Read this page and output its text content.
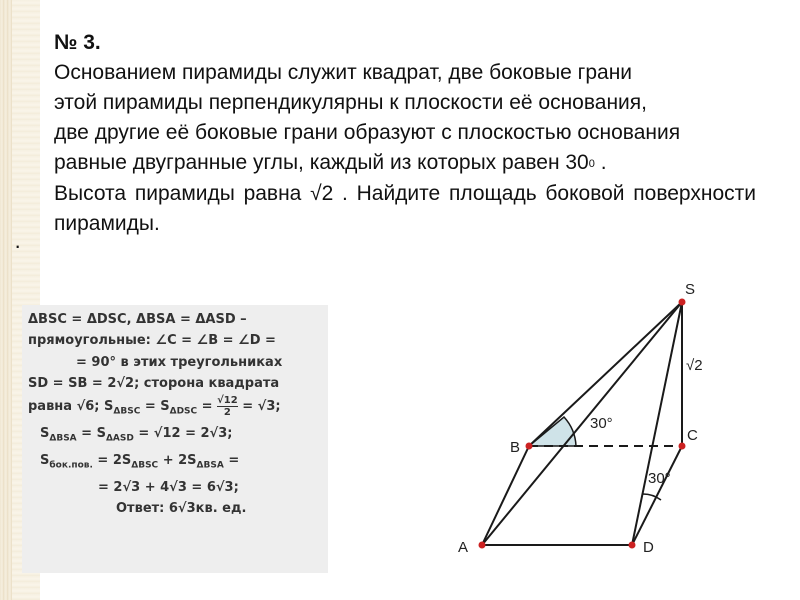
№ 3.

Основанием пирамиды служит квадрат, две боковые грани

этой пирамиды перпендикулярны к плоскости её основания,

две другие её боковые грани образуют с плоскостью основания

равные двугранные углы, каждый из которых равен 300 .

Высота пирамиды равна √2 . Найдите площадь боковой поверхности пирамиды.

·
ΔBSC = ΔDSC, ΔBSA = ΔASD –
прямоугольные: ∠C = ∠B = ∠D =
= 90° в этих треугольниках
SD = SB = 2√2; сторона квадрата
равна √6; $S_{\Delta BSC} = S_{\Delta DSC} = \frac{√12}{2} = √3$;
$S_{\Delta BSA} = S_{\Delta ASD} = √12 = 2√3$;
$S_{бок.пов.} = 2S_{\Delta BSC} + 2S_{\Delta BSA}$ =
= 2√3 + 4√3 = 6√3;
Ответ: 6√3кв. ед.
S
B
C
A	D
√2
30°
30°
